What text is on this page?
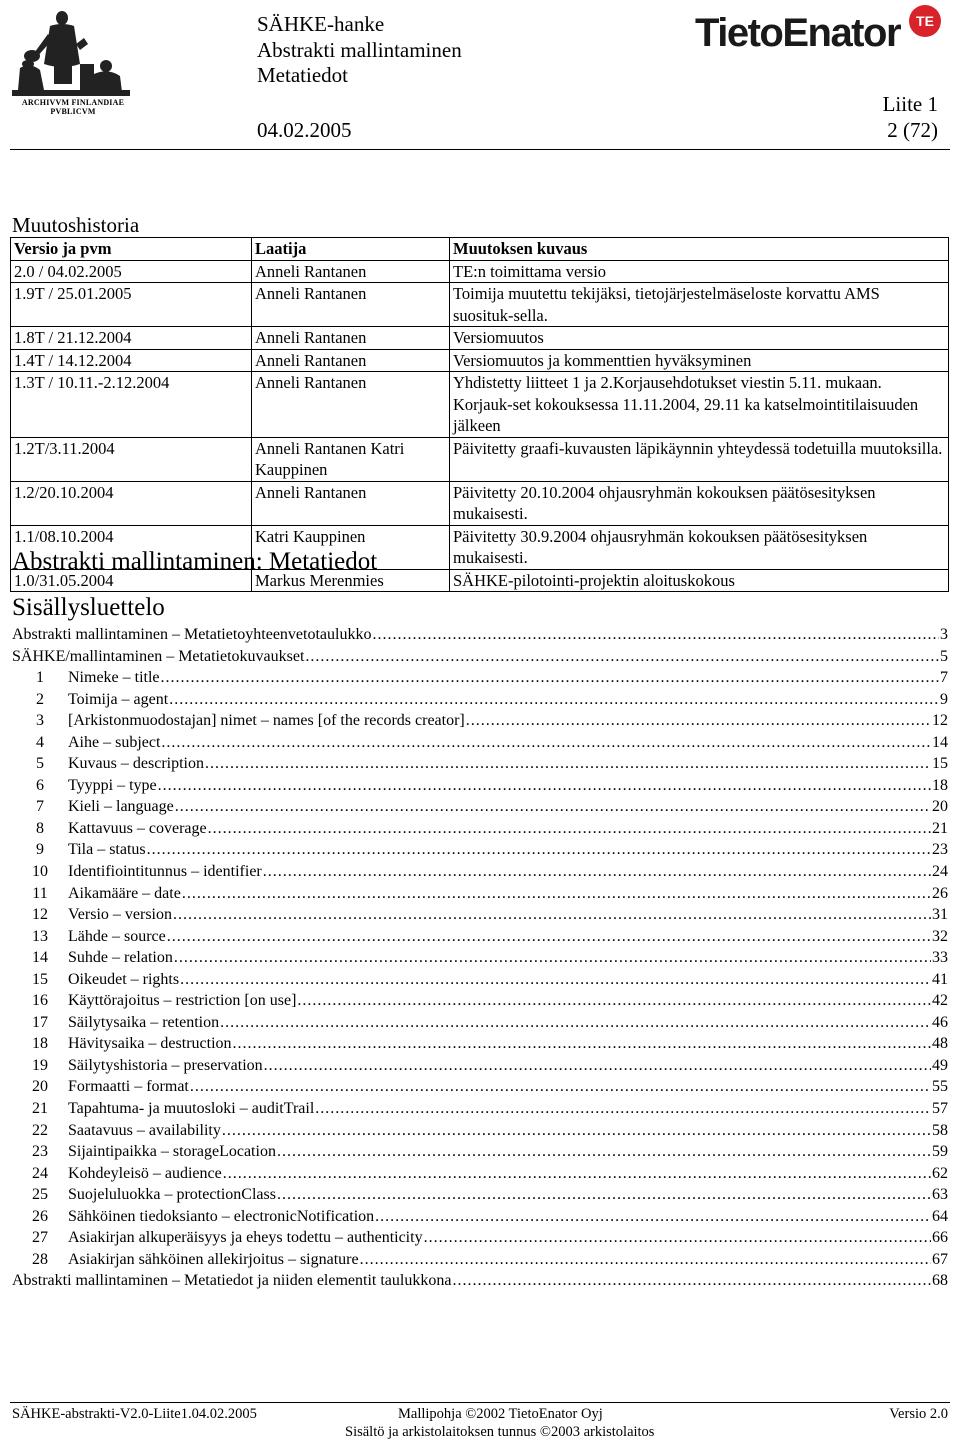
ARCHIVVM FINLANDIAE PVBLICVM
SÄHKE-hanke
Abstrakti mallintaminen
Metatiedot
TietoEnator	TE
Liite 1
04.02.2005	2 (72)
Muutoshistoria
Versio ja pvm	Laatija	Muutoksen kuvaus
2.0 / 04.02.2005	Anneli Rantanen	TE:n toimittama versio
1.9T / 25.01.2005	Anneli Rantanen	Toimija muutettu tekijäksi, tietojärjestelmäseloste korvattu AMS suosituk-sella.
1.8T / 21.12.2004	Anneli Rantanen	Versiomuutos
1.4T / 14.12.2004	Anneli Rantanen	Versiomuutos ja kommenttien hyväksyminen
1.3T / 10.11.-2.12.2004	Anneli Rantanen	Yhdistetty liitteet 1 ja 2.Korjausehdotukset viestin 5.11. mukaan. Korjauk-set kokouksessa 11.11.2004, 29.11 ka katselmointitilaisuuden jälkeen
1.2T/3.11.2004	Anneli Rantanen Katri Kauppinen	Päivitetty graafi-kuvausten läpikäynnin yhteydessä todetuilla muutoksilla.
1.2/20.10.2004	Anneli Rantanen	Päivitetty 20.10.2004 ohjausryhmän kokouksen päätösesityksen mukaisesti.
1.1/08.10.2004	Katri Kauppinen	Päivitetty 30.9.2004 ohjausryhmän kokouksen päätösesityksen mukaisesti.
1.0/31.05.2004	Markus Merenmies	SÄHKE-pilotointi-projektin aloituskokous
Abstrakti mallintaminen: Metatiedot
Sisällysluettelo
Abstrakti mallintaminen – Metatietoyhteenvetotaulukko .....	3
SÄHKE/mallintaminen – Metatietokuvaukset .....	5
1	Nimeke – title .....	7
2	Toimija – agent .....	9
3	[Arkistonmuodostajan] nimet – names [of the records creator] .....	12
4	Aihe – subject .....	14
5	Kuvaus – description .....	15
6	Tyyppi – type .....	18
7	Kieli – language .....	20
8	Kattavuus – coverage .....	21
9	Tila – status .....	23
10	Identifiointitunnus – identifier .....	24
11	Aikamääre – date .....	26
12	Versio – version .....	31
13	Lähde – source .....	32
14	Suhde – relation .....	33
15	Oikeudet – rights .....	41
16	Käyttörajoitus – restriction [on use] .....	42
17	Säilytysaika – retention .....	46
18	Hävitysaika – destruction .....	48
19	Säilytyshistoria – preservation .....	49
20	Formaatti – format .....	55
21	Tapahtuma- ja muutosloki – auditTrail .....	57
22	Saatavuus – availability .....	58
23	Sijaintipaikka – storageLocation .....	59
24	Kohdeyleisö – audience .....	62
25	Suojeluluokka – protectionClass .....	63
26	Sähköinen tiedoksianto – electronicNotification .....	64
27	Asiakirjan alkuperäisyys ja eheys todettu – authenticity .....	66
28	Asiakirjan sähköinen allekirjoitus – signature .....	67
Abstrakti mallintaminen – Metatiedot ja niiden elementit taulukkona .....	68
SÄHKE-abstrakti-V2.0-Liite1.04.02.2005	Mallipohja ©2002 TietoEnator Oyj	Versio 2.0
Sisältö ja arkistolaitoksen tunnus ©2003 arkistolaitos
